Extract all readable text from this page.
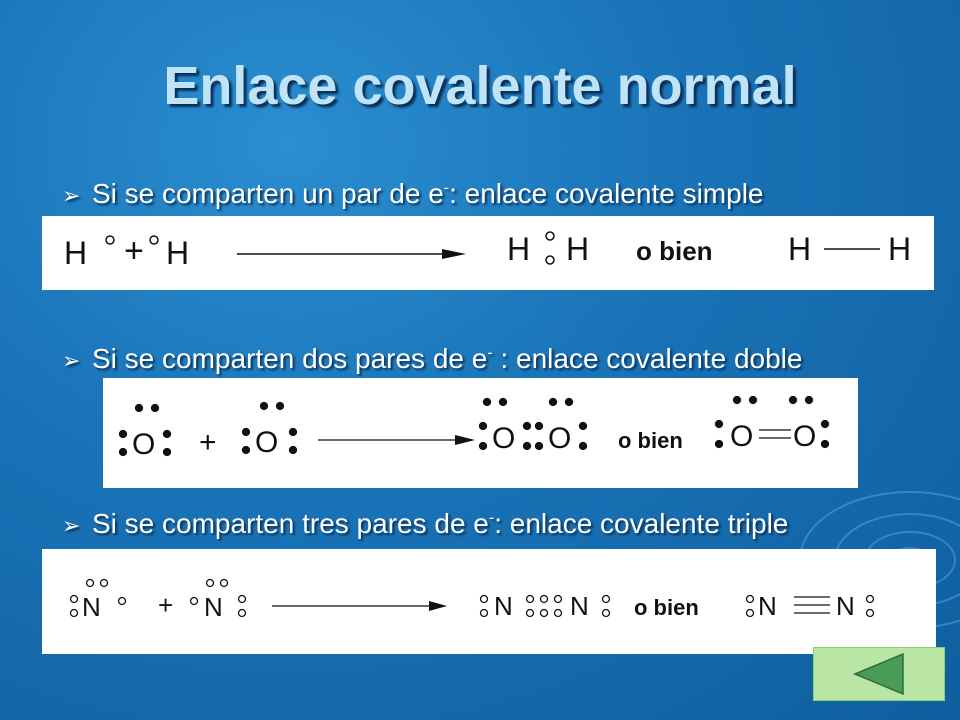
Enlace covalente normal
➢ Si se comparten un par de e-: enlace covalente simple
H + H	H H o bien H H
➢ Si se comparten dos pares de e- : enlace covalente doble
O + O	O O o bien O O
➢ Si se comparten tres pares de e-: enlace covalente triple
N + N	N N o bien N N
